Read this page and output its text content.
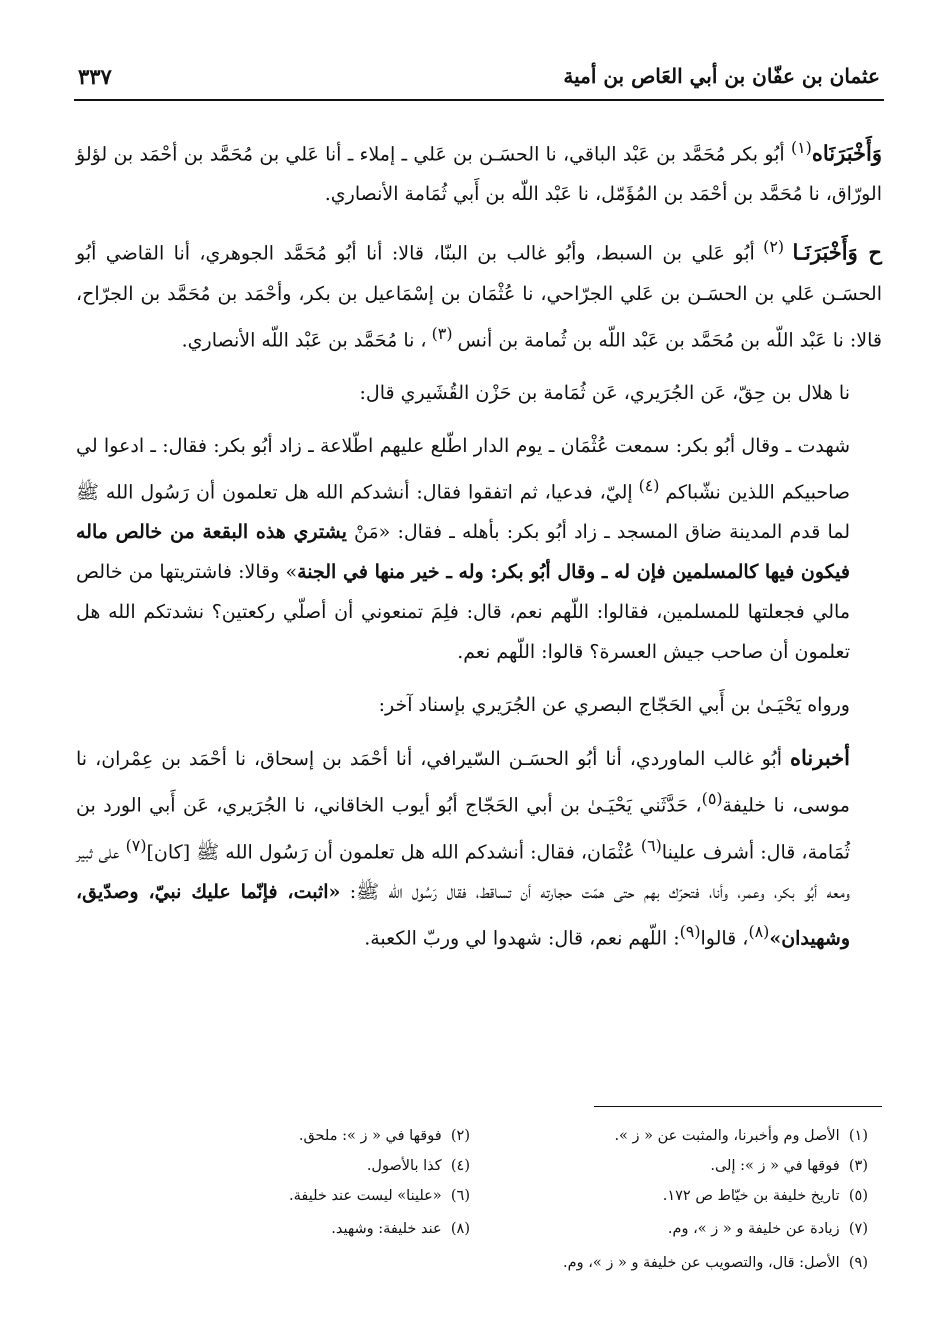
عثمان بن عفّان بن أبي العَاص بن أمية
٣٣٧

وَأَخْبَرَنَاه$^{(١)}$ أبُو بكر مُحَمَّد بن عَبْد الباقي، نا الحسَـن بن عَلي ـ إملاء ـ أنا عَلي بن مُحَمَّد بن أحْمَد بن لؤلؤ الورّاق، نا مُحَمَّد بن أحْمَد بن المُؤَمّل، نا عَبْد اللّه بن أَبي ثُمَامة الأنصاري.

ح وَأَخْبَرَنَـا $^{(٢)}$ أبُو عَلي بن السبط، وأبُو غالب بن البنّا، قالا: أنا أبُو مُحَمَّد الجوهري، أنا القاضي أبُو الحسَـن عَلي بن الحسَـن بن عَلي الجرّاحي، نا عُثْمَان بن إسْمَاعيل بن بكر، وأحْمَد بن مُحَمَّد بن الجرّاح، قالا: نا عَبْد اللّه بن مُحَمَّد بن عَبْد اللّه بن ثُمامة بن أنس $^{(٣)}$ ، نا مُحَمَّد بن عَبْد اللّه الأنصاري.

نا هلال بن حِقّ، عَن الجُرَيري، عَن ثُمَامة بن حَزْن القُشَيري قال:

شهدت ـ وقال أبُو بكر: سمعت عُثْمَان ـ يوم الدار اطّلع عليهم اطّلاعة ـ زاد أبُو بكر: فقال: ـ ادعوا لي صاحبيكم اللذين نشّباكم $^{(٤)}$ إليّ، فدعيا، ثم اتفقوا فقال: أنشدكم الله هل تعلمون أن رَسُول الله ﷺ لما قدم المدينة ضاق المسجد ـ زاد أبُو بكر: بأهله ـ فقال: «مَنْ يشتري هذه البقعة من خالص ماله فيكون فيها كالمسلمين فإن له ـ وقال أبُو بكر: وله ـ خير منها في الجنة» وقالا: فاشتريتها من خالص مالي فجعلتها للمسلمين، فقالوا: اللّهم نعم، قال: فلِمَ تمنعوني أن أصلّي ركعتين؟ نشدتكم الله هل تعلمون أن صاحب جيش العسرة؟ قالوا: اللّهم نعم.

ورواه يَحْيَـىٰ بن أَبي الحَجّاج البصري عن الجُرَيري بإسناد آخر:

أخبرناه أبُو غالب الماوردي، أنا أبُو الحسَـن السّيرافي، أنا أحْمَد بن إسحاق، نا أحْمَد بن عِمْران، نا موسى، نا خليفة$^{(٥)}$، حَدَّثَني يَحْيَـىٰ بن أبي الحَجّاج أبُو أيوب الخاقاني، نا الجُرَيري، عَن أَبي الورد بن ثُمَامة، قال: أشرف علينا$^{(٦)}$ عُثْمَان، فقال: أنشدكم الله هل تعلمون أن رَسُول الله ﷺ [كان]$^{(٧)}$ على ثبير ومعه أبُو بكر، وعمر، وأنا، فتحرّك بهم حتى همّت حجارته أن تساقط، فقال رَسُول الله ﷺ: «اثبت، فإنّما عليك نبيّ، وصدّيق، وشهيدان»$^{(٨)}$، قالوا$^{(٩)}$: اللّهم نعم، قال: شهدوا لي وربّ الكعبة.

(١)  الأصل وم وأخبرنا، والمثبت عن « ز ».
(٢)  فوقها في « ز »: ملحق.
(٣)  فوقها في « ز »: إلى.
(٤)  كذا بالأصول.
(٥)  تاريخ خليفة بن خيّاط ص ١٧٢.
(٦)  «علينا» ليست عند خليفة.
(٧)  زيادة عن خليفة و « ز »، وم.
(٨)  عند خليفة: وشهيد.
(٩)  الأصل: قال، والتصويب عن خليفة و « ز »، وم.
